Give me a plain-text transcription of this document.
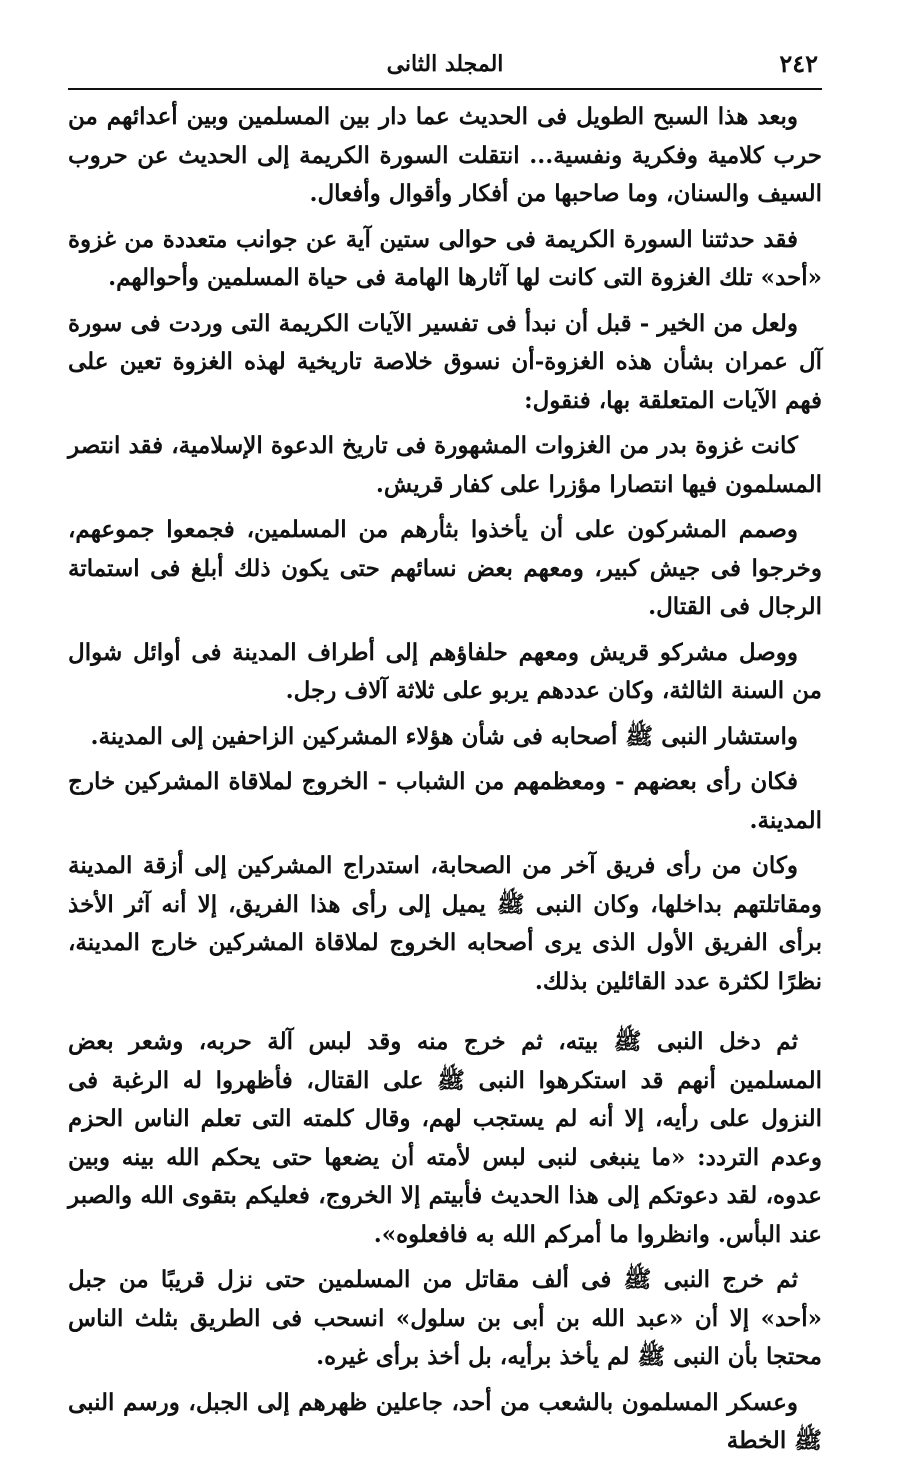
٢٤٢
المجلد الثانى

وبعد هذا السبح الطويل فى الحديث عما دار بين المسلمين وبين أعدائهم من حرب كلامية وفكرية ونفسية... انتقلت السورة الكريمة إلى الحديث عن حروب السيف والسنان، وما صاحبها من أفكار وأقوال وأفعال.

فقد حدثتنا السورة الكريمة فى حوالى ستين آية عن جوانب متعددة من غزوة «أحد» تلك الغزوة التى كانت لها آثارها الهامة فى حياة المسلمين وأحوالهم.

ولعل من الخير - قبل أن نبدأ فى تفسير الآيات الكريمة التى وردت فى سورة آل عمران بشأن هذه الغزوة-أن نسوق خلاصة تاريخية لهذه الغزوة تعين على فهم الآيات المتعلقة بها، فنقول:

كانت غزوة بدر من الغزوات المشهورة فى تاريخ الدعوة الإسلامية، فقد انتصر المسلمون فيها انتصارا مؤزرا على كفار قريش.

وصمم المشركون على أن يأخذوا بثأرهم من المسلمين، فجمعوا جموعهم، وخرجوا فى جيش كبير، ومعهم بعض نسائهم حتى يكون ذلك أبلغ فى استماتة الرجال فى القتال.

ووصل مشركو قريش ومعهم حلفاؤهم إلى أطراف المدينة فى أوائل شوال من السنة الثالثة، وكان عددهم يربو على ثلاثة آلاف رجل.

واستشار النبى ﷺ أصحابه فى شأن هؤلاء المشركين الزاحفين إلى المدينة.

فكان رأى بعضهم - ومعظمهم من الشباب - الخروج لملاقاة المشركين خارج المدينة.

وكان من رأى فريق آخر من الصحابة، استدراج المشركين إلى أزقة المدينة ومقاتلتهم بداخلها، وكان النبى ﷺ يميل إلى رأى هذا الفريق، إلا أنه آثر الأخذ برأى الفريق الأول الذى يرى أصحابه الخروج لملاقاة المشركين خارج المدينة، نظرًا لكثرة عدد القائلين بذلك.

ثم دخل النبى ﷺ بيته، ثم خرج منه وقد لبس آلة حربه، وشعر بعض المسلمين أنهم قد استكرهوا النبى ﷺ على القتال، فأظهروا له الرغبة فى النزول على رأيه، إلا أنه لم يستجب لهم، وقال كلمته التى تعلم الناس الحزم وعدم التردد: «ما ينبغى لنبى لبس لأمته أن يضعها حتى يحكم الله بينه وبين عدوه، لقد دعوتكم إلى هذا الحديث فأبيتم إلا الخروج، فعليكم بتقوى الله والصبر عند البأس. وانظروا ما أمركم الله به فافعلوه».

ثم خرج النبى ﷺ فى ألف مقاتل من المسلمين حتى نزل قريبًا من جبل «أحد» إلا أن «عبد الله بن أبى بن سلول» انسحب فى الطريق بثلث الناس محتجا بأن النبى ﷺ لم يأخذ برأيه، بل أخذ برأى غيره.

وعسكر المسلمون بالشعب من أحد، جاعلين ظهرهم إلى الجبل، ورسم النبى ﷺ الخطة
